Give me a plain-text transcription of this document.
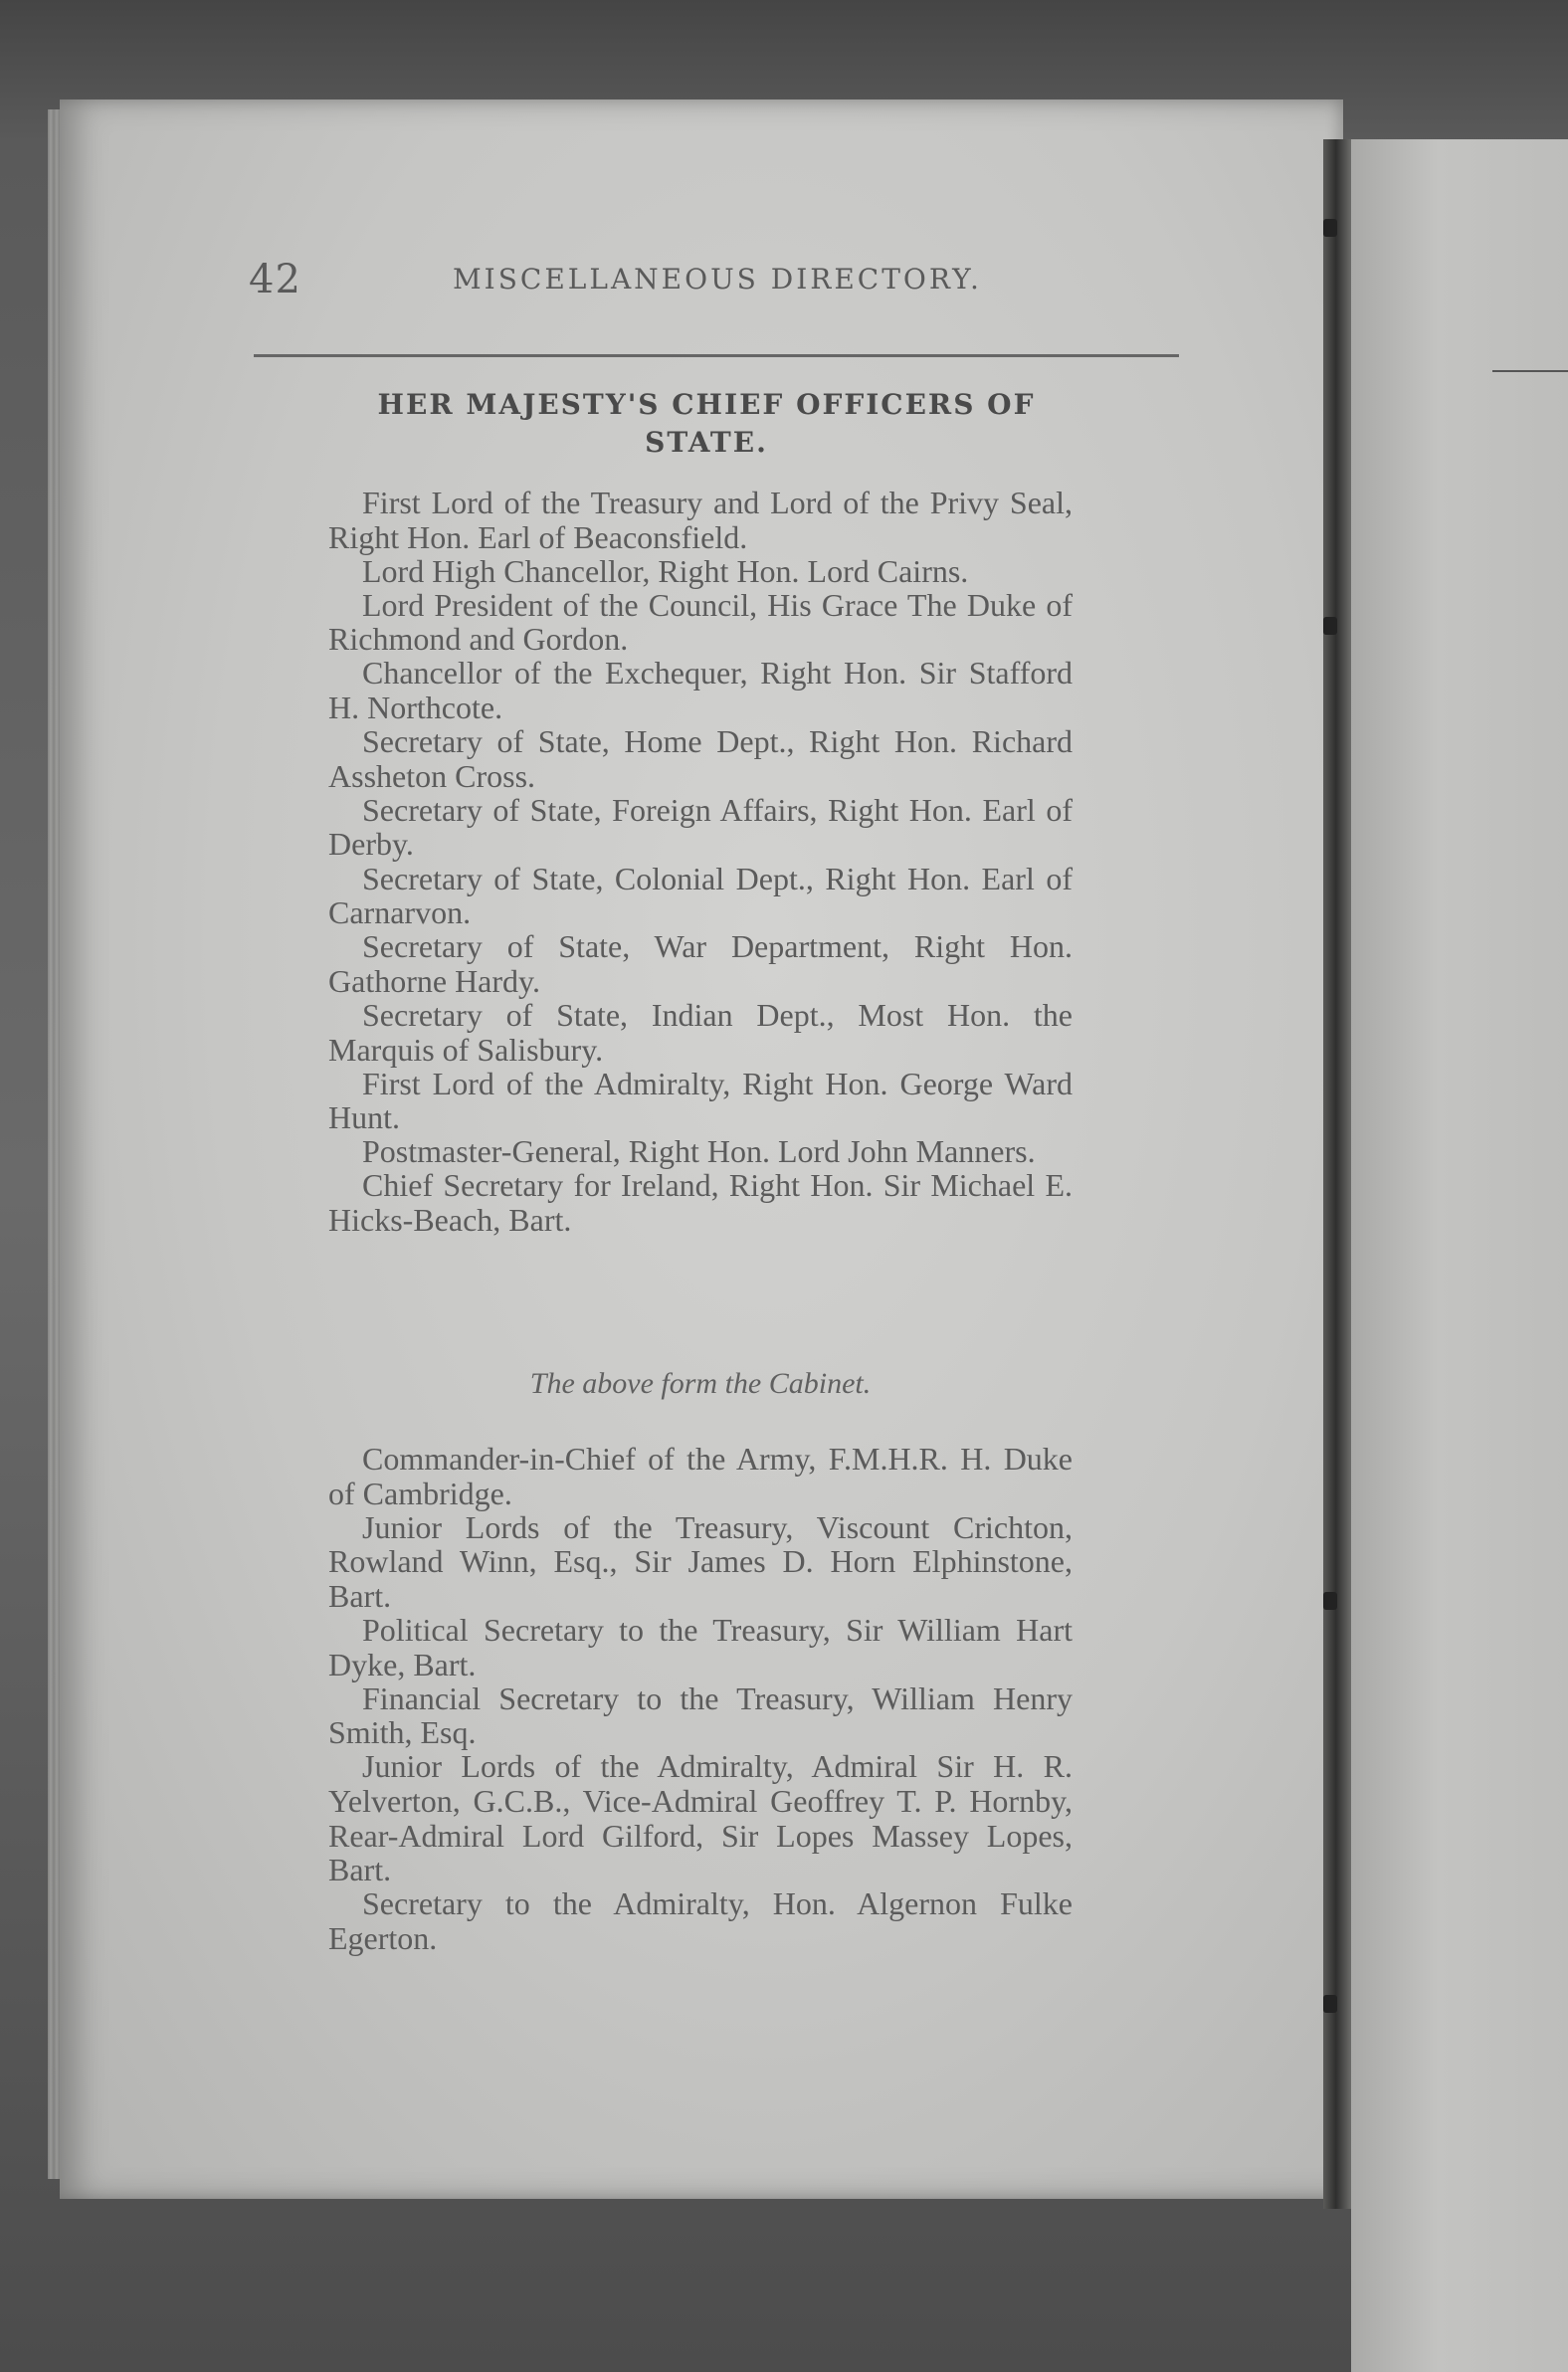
42	MISCELLANEOUS DIRECTORY.
HER MAJESTY'S CHIEF OFFICERS OF
STATE.

First Lord of the Treasury and Lord of the Privy Seal, Right Hon. Earl of Beaconsfield.

Lord High Chancellor, Right Hon. Lord Cairns.

Lord President of the Council, His Grace The Duke of Richmond and Gordon.

Chancellor of the Exchequer, Right Hon. Sir Stafford H. Northcote.

Secretary of State, Home Dept., Right Hon. Richard Assheton Cross.

Secretary of State, Foreign Affairs, Right Hon. Earl of Derby.

Secretary of State, Colonial Dept., Right Hon. Earl of Carnarvon.

Secretary of State, War Department, Right Hon. Gathorne Hardy.

Secretary of State, Indian Dept., Most Hon. the Marquis of Salisbury.

First Lord of the Admiralty, Right Hon. George Ward Hunt.

Postmaster-General, Right Hon. Lord John Manners.

Chief Secretary for Ireland, Right Hon. Sir Michael E. Hicks-Beach, Bart.

The above form the Cabinet.

Commander-in-Chief of the Army, F.M.H.R. H. Duke of Cambridge.

Junior Lords of the Treasury, Viscount Crichton, Rowland Winn, Esq., Sir James D. Horn Elphinstone, Bart.

Political Secretary to the Treasury, Sir William Hart Dyke, Bart.

Financial Secretary to the Treasury, William Henry Smith, Esq.

Junior Lords of the Admiralty, Admiral Sir H. R. Yelverton, G.C.B., Vice-Admiral Geoffrey T. P. Hornby, Rear-Admiral Lord Gilford, Sir Lopes Massey Lopes, Bart.

Secretary to the Admiralty, Hon. Algernon Fulke Egerton.
